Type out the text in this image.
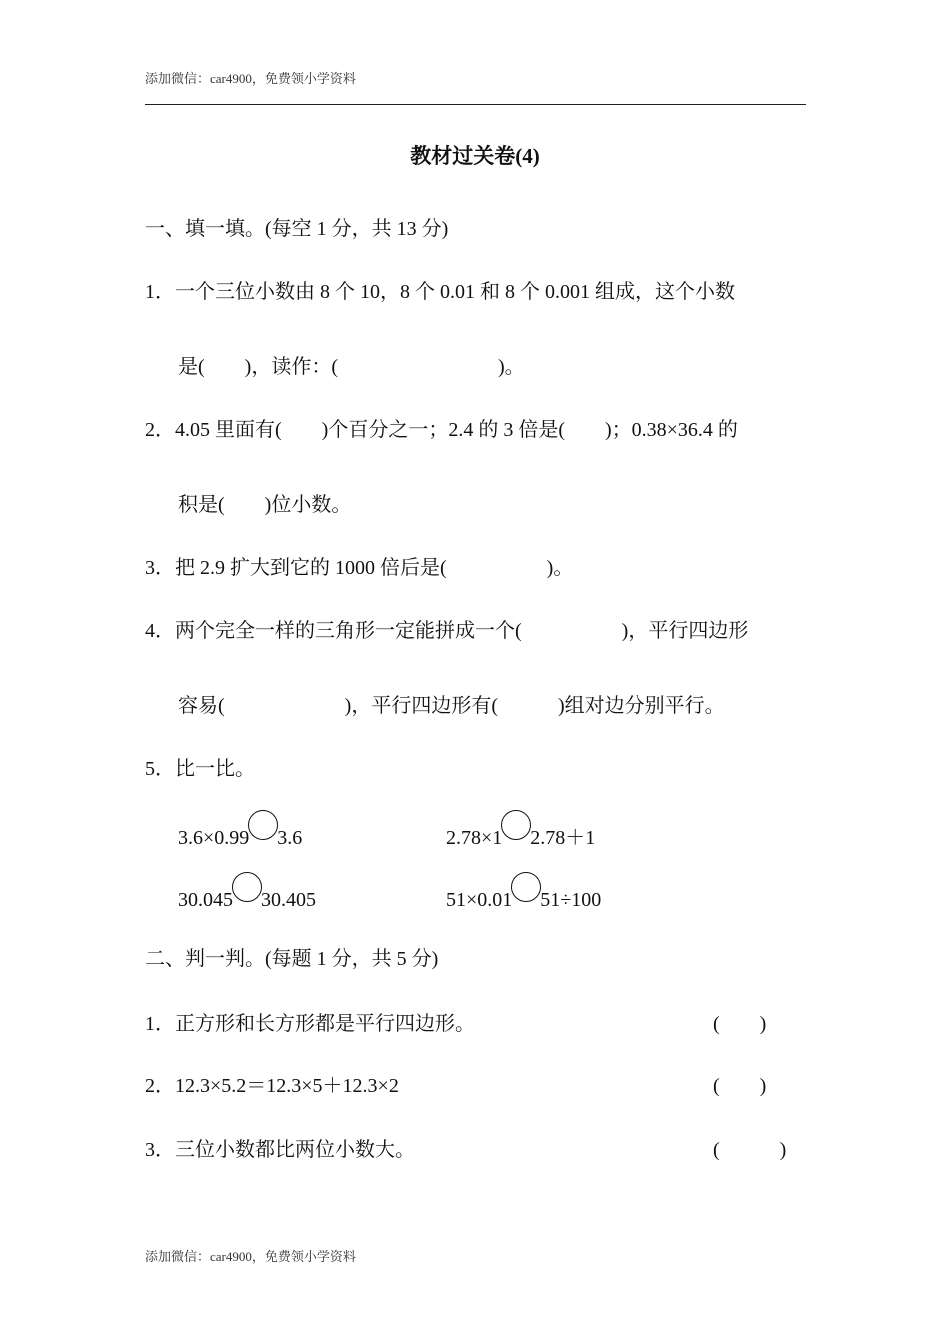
添加微信：car4900，免费领小学资料
教材过关卷(4)
一、填一填。(每空 1 分，共 13 分)
1．一个三位小数由 8 个 10，8 个 0.01 和 8 个 0.001 组成，这个小数
是(　　)，读作：(　　　　　　　　)。
2．4.05 里面有(　　)个百分之一；2.4 的 3 倍是(　　)；0.38×36.4 的
积是(　　)位小数。
3．把 2.9 扩大到它的 1000 倍后是(　　　　　)。
4．两个完全一样的三角形一定能拼成一个(　　　　　)，平行四边形
容易(　　　　　　)，平行四边形有(　　　)组对边分别平行。
5．比一比。
3.6×0.99 3.6	2.78×1 2.78＋1
30.045 30.405	51×0.01 51÷100
二、判一判。(每题 1 分，共 5 分)
1．正方形和长方形都是平行四边形。	(　　)
2．12.3×5.2＝12.3×5＋12.3×2	(　　)
3．三位小数都比两位小数大。	(　　　)
添加微信：car4900，免费领小学资料
